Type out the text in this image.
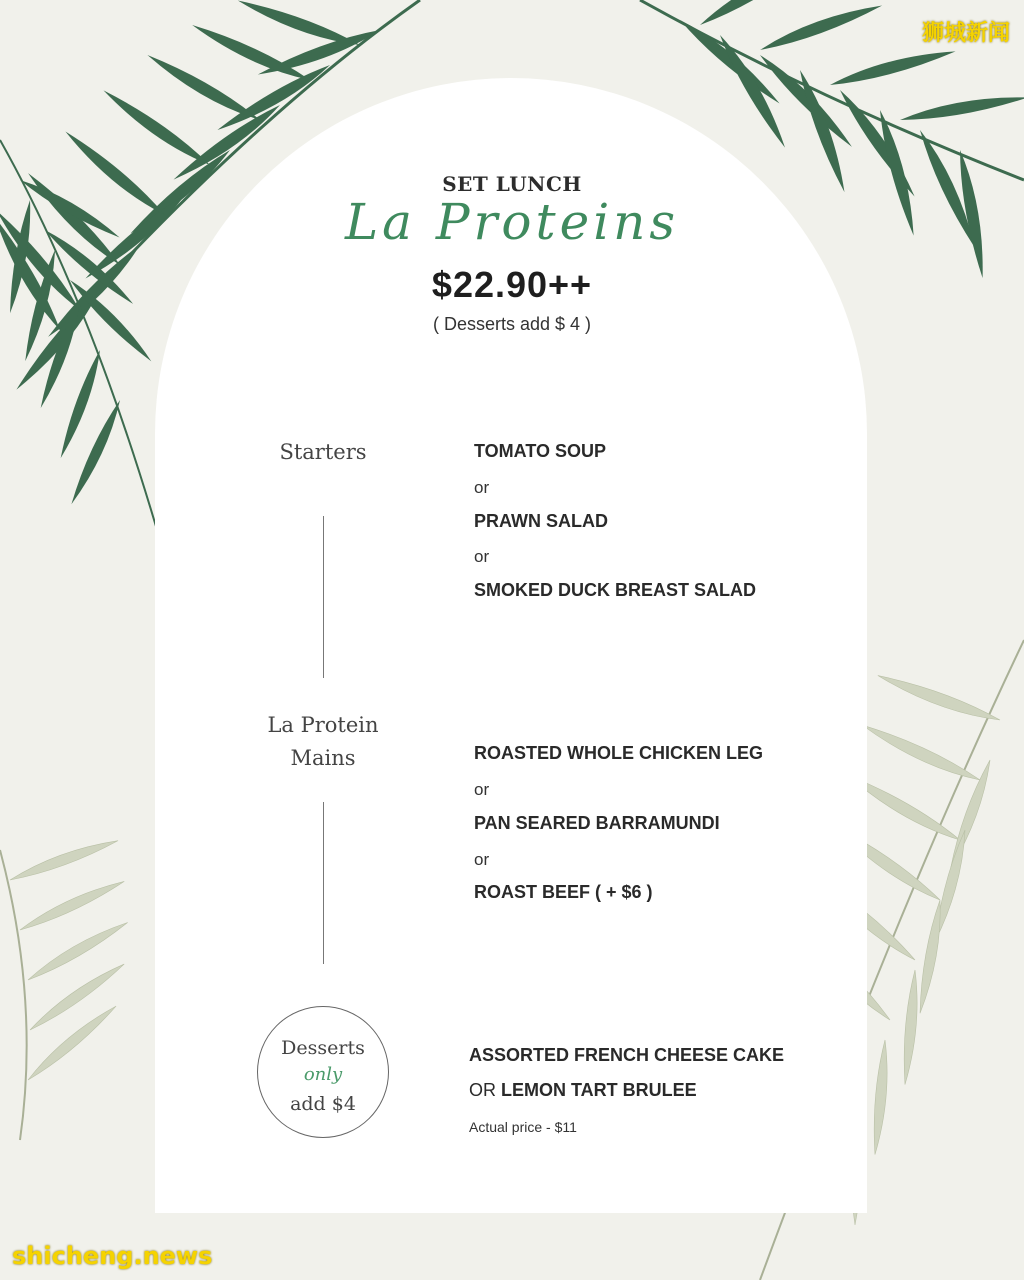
SET LUNCH
La Proteins
$22.90++
( Desserts add $ 4 )
Starters	TOMATO SOUP
or
PRAWN SALAD
or
SMOKED DUCK BREAST SALAD
La Protein
Mains	ROASTED WHOLE CHICKEN LEG
or
PAN SEARED BARRAMUNDI
or
ROAST BEEF ( + $6 )
Desserts
only
add $4
ASSORTED FRENCH CHEESE CAKE
OR LEMON TART BRULEE
Actual price - $11
狮城新闻
shicheng.news
